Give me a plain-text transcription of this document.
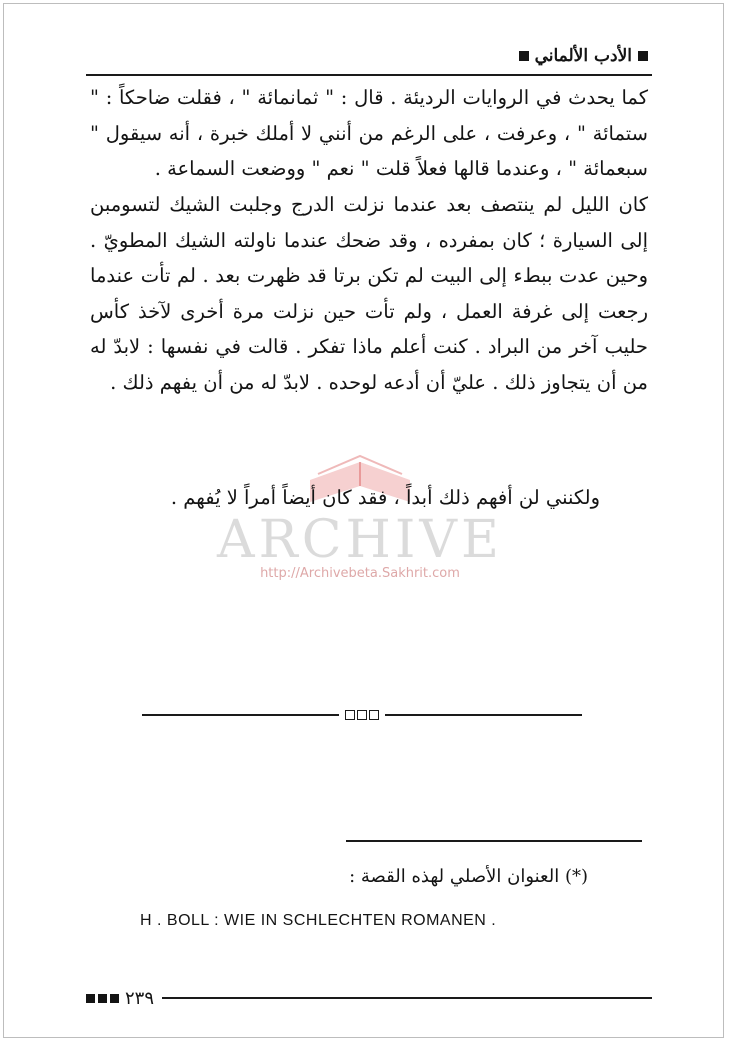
الأدب الألماني

كما يحدث في الروايات الرديئة . قال : " ثمانمائة " ، فقلت ضاحكاً : " ستمائة " ، وعرفت ، على الرغم من أنني لا أملك خبرة ، أنه سيقول " سبعمائة " ، وعندما قالها فعلاً قلت " نعم " ووضعت السماعة .

كان الليل لم ينتصف بعد عندما نزلت الدرج وجلبت الشيك لتسومبن إلى السيارة ؛ كان بمفرده ، وقد ضحك عندما ناولته الشيك المطويّ . وحين عدت ببطء إلى البيت لم تكن برتا قد ظهرت بعد . لم تأت عندما رجعت إلى غرفة العمل ، ولم تأت حين نزلت مرة أخرى لآخذ كأس حليب آخر من البراد . كنت أعلم ماذا تفكر . قالت في نفسها : لابدّ له من أن يتجاوز ذلك . عليّ أن أدعه لوحده . لابدّ له من أن يفهم ذلك .

ARCHIVE
http://Archivebeta.Sakhrit.com
ولكنني لن أفهم ذلك أبداً ، فقد كان أيضاً أمراً لا يُفهم .
(*) العنوان الأصلي لهذه القصة :
H . BOLL : WIE IN SCHLECHTEN ROMANEN .
٢٣٩
